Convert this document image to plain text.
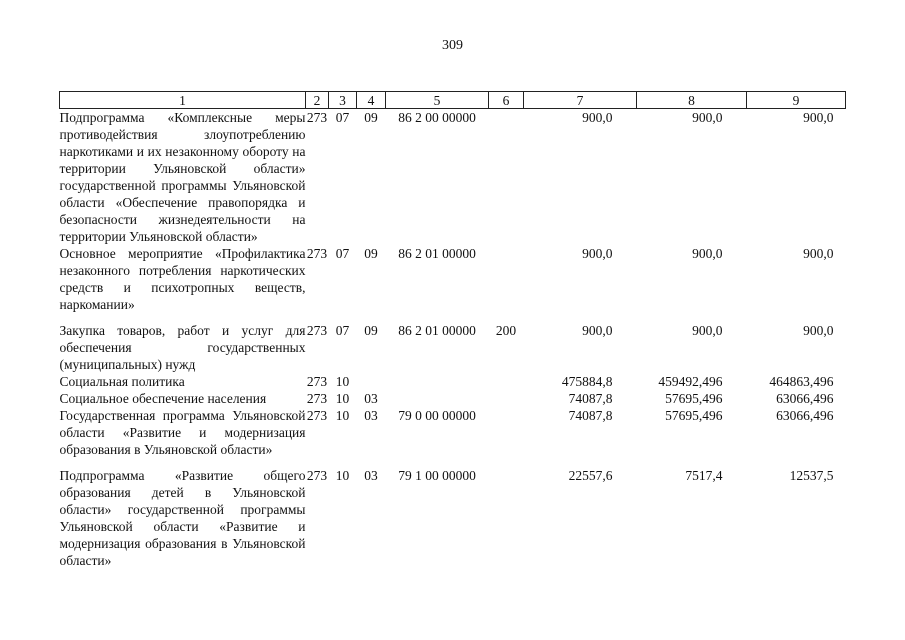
309
1	2	3	4	5	6	7	8	9
Подпрограмма «Комплексные меры противодействия злоупотреблению наркотиками и их незаконному обороту на территории Ульяновской области» государственной программы Ульяновской области «Обеспечение правопорядка и безопасности жизнедеятельности на территории Ульяновской области»	273	07	09	86 2 00 00000		900,0	900,0	900,0
Основное мероприятие «Профилактика незаконного потребления наркотических средств и психотропных веществ, наркомании»	273	07	09	86 2 01 00000		900,0	900,0	900,0
Закупка товаров, работ и услуг для обеспечения государственных (муниципальных) нужд	273	07	09	86 2 01 00000	200	900,0	900,0	900,0
Социальная политика	273	10				475884,8	459492,496	464863,496
Социальное обеспечение населения	273	10	03			74087,8	57695,496	63066,496
Государственная программа Ульяновской области «Развитие и модернизация образования в Ульяновской области»	273	10	03	79 0 00 00000		74087,8	57695,496	63066,496
Подпрограмма «Развитие общего образования детей в Ульяновской области» государственной программы Ульяновской области «Развитие и модернизация образования в Ульяновской области»	273	10	03	79 1 00 00000		22557,6	7517,4	12537,5
